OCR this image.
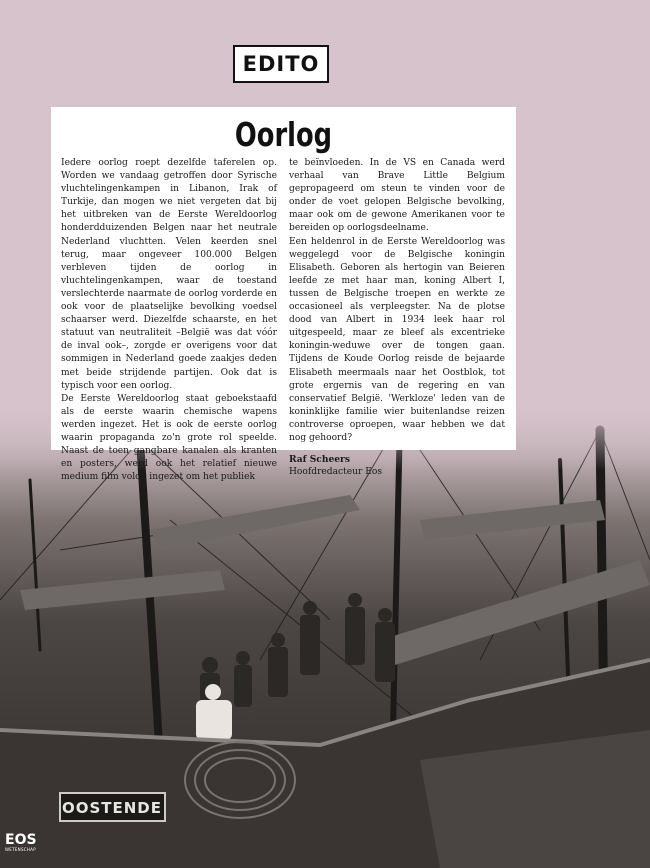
EDITO
Oorlog

Iedere oorlog roept dezelfde taferelen op. Worden we vandaag getroffen door Syrische vluchtelingenkampen in Libanon, Irak of Turkije, dan mogen we niet vergeten dat bij het uitbreken van de Eerste Wereldoorlog honderdduizenden Belgen naar het neutrale Nederland vluchtten. Velen keerden snel terug, maar ongeveer 100.000 Belgen verbleven tijden de oorlog in vluchtelingenkampen, waar de toestand verslechterde naarmate de oorlog vorderde en ook voor de plaatselijke bevolking voedsel schaarser werd. Diezelfde schaarste, en het statuut van neutraliteit –België was dat vóór de inval ook–, zorgde er overigens voor dat sommigen in Nederland goede zaakjes deden met beide strijdende partijen. Ook dat is typisch voor een oorlog.

De Eerste Wereldoorlog staat geboekstaafd als de eerste waarin chemische wapens werden ingezet. Het is ook de eerste oorlog waarin propaganda zo'n grote rol speelde. Naast de toen gangbare kanalen als kranten en posters, werd ook het relatief nieuwe medium film volop ingezet om het publiek

te beïnvloeden. In de VS en Canada werd verhaal van Brave Little Belgium gepropageerd om steun te vinden voor de onder de voet gelopen Belgische bevolking, maar ook om de gewone Amerikanen voor te bereiden op oorlogsdeelname.

Een heldenrol in de Eerste Wereldoorlog was weggelegd voor de Belgische koningin Elisabeth. Geboren als hertogin van Beieren leefde ze met haar man, koning Albert I, tussen de Belgische troepen en werkte ze occasioneel als verpleegster. Na de plotse dood van Albert in 1934 leek haar rol uitgespeeld, maar ze bleef als excentrieke koningin-weduwe over de tongen gaan. Tijdens de Koude Oorlog reisde de bejaarde Elisabeth meermaals naar het Oostblok, tot grote ergernis van de regering en van conservatief België. 'Werkloze' leden van de koninklijke familie wier buitenlandse reizen controverse oproepen, waar hebben we dat nog gehoord?

Raf Scheers
Hoofdredacteur Eos
EOS
WETENSCHAP
